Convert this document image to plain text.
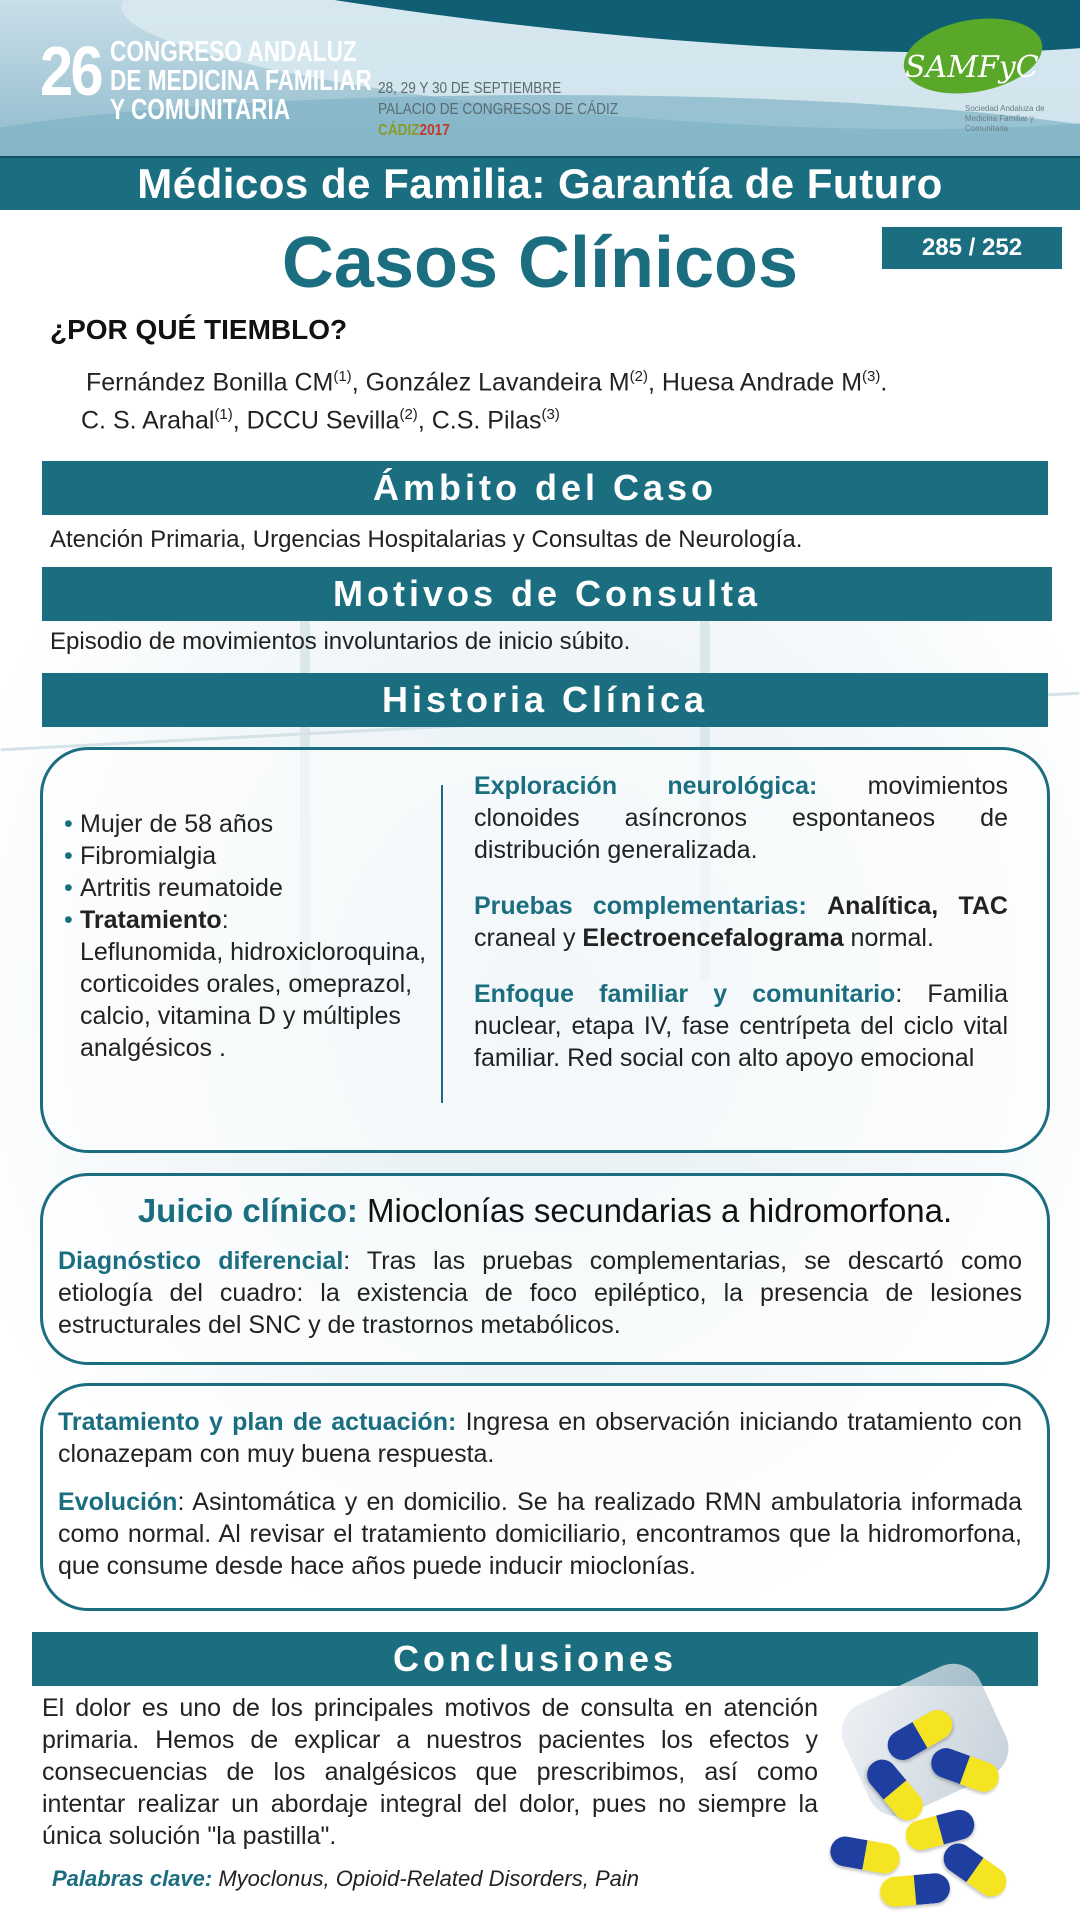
26 CONGRESO ANDALUZ
DE MEDICINA FAMILIAR
Y COMUNITARIA
28, 29 Y 30 DE SEPTIEMBRE
PALACIO DE CONGRESOS DE CÁDIZ
CÁDIZ2017
SAMFyC
Sociedad Andaluza de Medicina Familiar y Comunitaria
Médicos de Familia: Garantía de Futuro
Casos Clínicos	285 / 252
¿POR QUÉ TIEMBLO?
Fernández Bonilla CM$^{(1)}$, González Lavandeira $M^{(2)}$, Huesa Andrade $M^{(3)}$.
C. S. Arahal$^{(1)}$, DCCU Sevilla$^{(2)}$, C.S. Pilas$^{(3)}$
Ámbito del Caso
Atención Primaria, Urgencias Hospitalarias y Consultas de Neurología.
Motivos de Consulta
Episodio de movimientos involuntarios de inicio súbito.
Historia Clínica
• Mujer de 58 años
• Fibromialgia
• Artritis reumatoide
• Tratamiento:
Leflunomida, hidroxicloroquina, corticoides orales, omeprazol, calcio, vitamina D y múltiples analgésicos .

Exploración neurológica: movimientos clonoides asíncronos espontaneos de distribución generalizada.

Pruebas complementarias: Analítica, TAC craneal y Electroencefalograma normal.

Enfoque familiar y comunitario: Familia nuclear, etapa IV, fase centrípeta del ciclo vital familiar. Red social con alto apoyo emocional

Juicio clínico: Mioclonías secundarias a hidromorfona.

Diagnóstico diferencial: Tras las pruebas complementarias, se descartó como etiología del cuadro: la existencia de foco epiléptico, la presencia de lesiones estructurales del SNC y de trastornos metabólicos.

Tratamiento y plan de actuación: Ingresa en observación iniciando tratamiento con clonazepam con muy buena respuesta.

Evolución: Asintomática y en domicilio. Se ha realizado RMN ambulatoria informada como normal. Al revisar el tratamiento domiciliario, encontramos que la hidromorfona, que consume desde hace años puede inducir mioclonías.

Conclusiones

El dolor es uno de los principales motivos de consulta en atención primaria. Hemos de explicar a nuestros pacientes los efectos y consecuencias de los analgésicos que prescribimos, así como intentar realizar un abordaje integral del dolor, pues no siempre la única solución "la pastilla".

Palabras clave: Myoclonus, Opioid-Related Disorders, Pain
